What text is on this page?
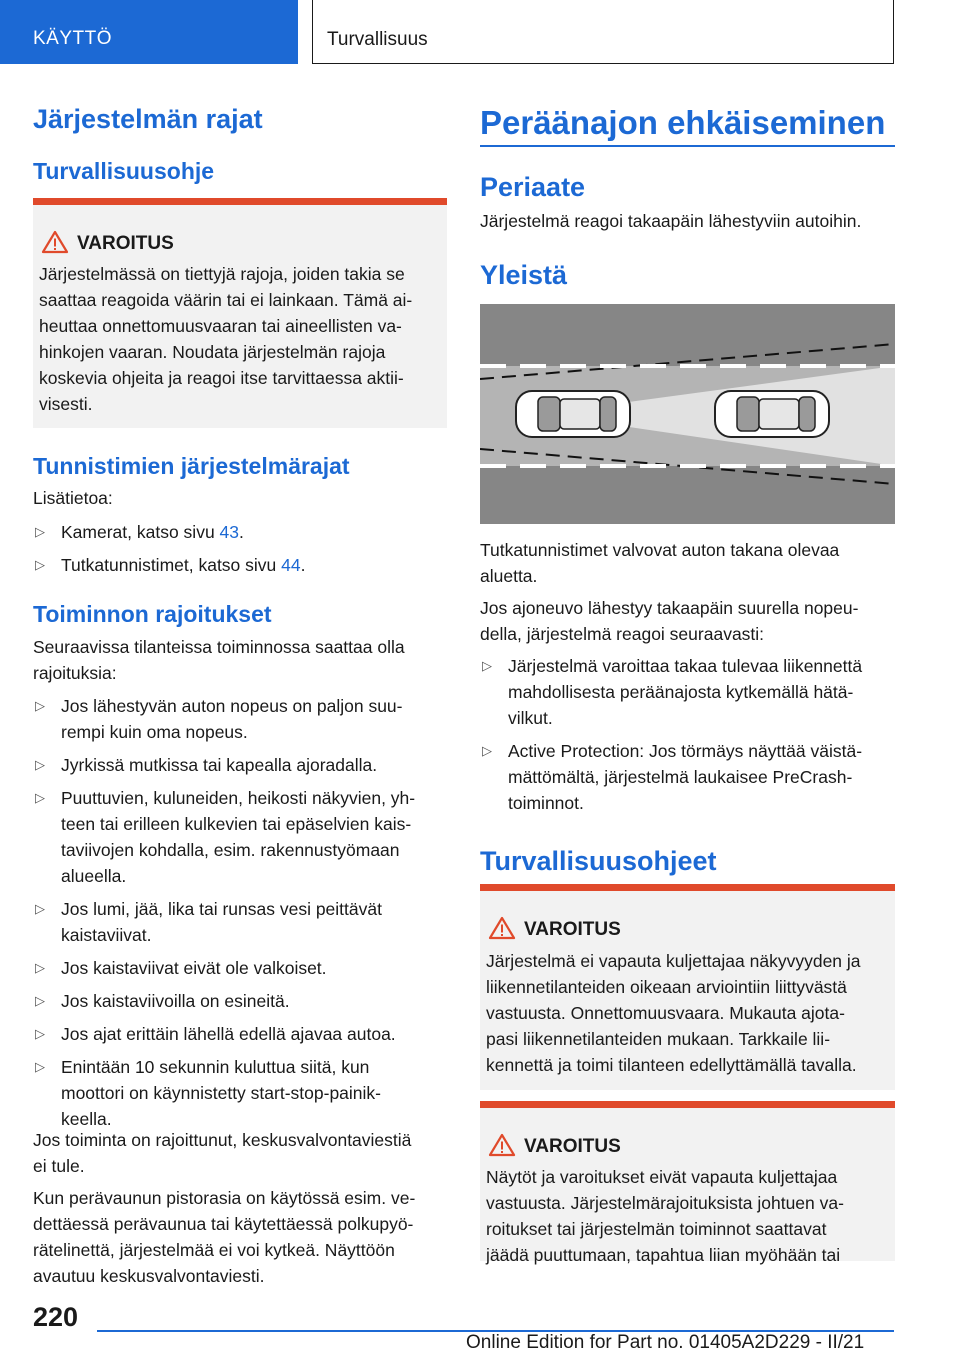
KÄYTTÖ	Turvallisuus
Järjestelmän rajat
Turvallisuusohje
VAROITUS
Järjestelmässä on tiettyjä rajoja, joiden takia se
saattaa reagoida väärin tai ei lainkaan. Tämä ai-
heuttaa onnettomuusvaaran tai aineellisten va-
hinkojen vaaran. Noudata järjestelmän rajoja
koskevia ohjeita ja reagoi itse tarvittaessa aktii-
visesti.
Tunnistimien järjestelmärajat
Lisätietoa:
▷ Kamerat, katso sivu 43.
▷ Tutkatunnistimet, katso sivu 44.
Toiminnon rajoitukset
Seuraavissa tilanteissa toiminnossa saattaa olla
rajoituksia:
▷ Jos lähestyvän auton nopeus on paljon suu-
rempi kuin oma nopeus.
▷ Jyrkissä mutkissa tai kapealla ajoradalla.
▷ Puuttuvien, kuluneiden, heikosti näkyvien, yh-
teen tai erilleen kulkevien tai epäselvien kais-
taviivojen kohdalla, esim. rakennustyömaan
alueella.
▷ Jos lumi, jää, lika tai runsas vesi peittävät
kaistaviivat.
▷ Jos kaistaviivat eivät ole valkoiset.
▷ Jos kaistaviivoilla on esineitä.
▷ Jos ajat erittäin lähellä edellä ajavaa autoa.
▷ Enintään 10 sekunnin kuluttua siitä, kun
moottori on käynnistetty start-stop-painik-
keella.
Jos toiminta on rajoittunut, keskusvalvontaviestiä
ei tule.
Kun perävaunun pistorasia on käytössä esim. ve-
dettäessä perävaunua tai käytettäessä polkupyö-
rätelinettä, järjestelmää ei voi kytkeä. Näyttöön
avautuu keskusvalvontaviesti.
Peräänajon ehkäiseminen
Periaate
Järjestelmä reagoi takaapäin lähestyviin autoihin.
Yleistä
Tutkatunnistimet valvovat auton takana olevaa
aluetta.
Jos ajoneuvo lähestyy takaapäin suurella nopeu-
della, järjestelmä reagoi seuraavasti:
▷ Järjestelmä varoittaa takaa tulevaa liikennettä
mahdollisesta peräänajosta kytkemällä hätä-
vilkut.
▷ Active Protection: Jos törmäys näyttää väistä-
mättömältä, järjestelmä laukaisee PreCrash-
toiminnot.
Turvallisuusohjeet
VAROITUS
Järjestelmä ei vapauta kuljettajaa näkyvyyden ja
liikennetilanteiden oikeaan arviointiin liittyvästä
vastuusta. Onnettomuusvaara. Mukauta ajota-
pasi liikennetilanteiden mukaan. Tarkkaile lii-
kennettä ja toimi tilanteen edellyttämällä tavalla.
VAROITUS
Näytöt ja varoitukset eivät vapauta kuljettajaa
vastuusta. Järjestelmärajoituksista johtuen va-
roitukset tai järjestelmän toiminnot saattavat
jäädä puuttumaan, tapahtua liian myöhään tai
220
Online Edition for Part no. 01405A2D229 - II/21
